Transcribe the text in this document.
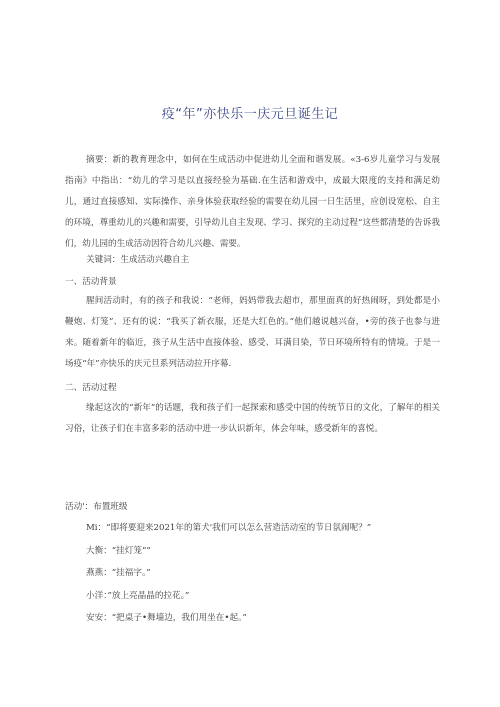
疫“年”亦快乐一庆元旦诞生记
摘要：新的教育理念中，如何在生成活动中促进幼儿全面和谐发展。«3-6岁儿童学习与发展指南》中指出：“幼儿的学习是以直接经验为基础.在生活和游戏中，成最大限度的支持和满足幼儿，通过直接感知、实际操作、亲身体验获取经验的需要在幼儿园一日生活里，应创设宽松、自主的环境，尊重幼儿的兴趣和需要，引导幼儿自主发现、学习、探究的主动过程“这些都清楚的告诉我们，幼儿园的生成活动因符合幼儿兴趣、需要。
关键词：生成活动兴趣自主
一、活动背景
腥间活动时，有的孩子和我说：“老师，妈妈带我去超市，那里面真的好热闹呀，到处都是小鞭炮、灯笼”、还有的说：“我买了新衣服，还是大红色的。”他们越说越兴奋，•旁的孩子也参与进来。随着新年的临近，孩子从生活中直接体验、感受、耳满目染，节日环境所特有的情境。于是一场疫“年”亦快乐的庆元旦系列活动拉开序幕.
二、活动过程
缘起这次的“新年”的话题，我和孩子们一起探索和感受中国的传统节日的文化，了解年的相关习俗，让孩子们在丰富多彩的活动中进一步认识新年，体会年味，感受新年的喜悦。
活动'：布置班级
Mi：“即将要迎来2021年的第犬'我们可以怎么营造活动室的节日氛闹呢？”
大衡：“挂灯笼“”
燕燕：“挂福字。”
小洋：”放上亮晶晶的拉花。”
安安：“把桌子•舞墙边，我们用坐在•起。”
